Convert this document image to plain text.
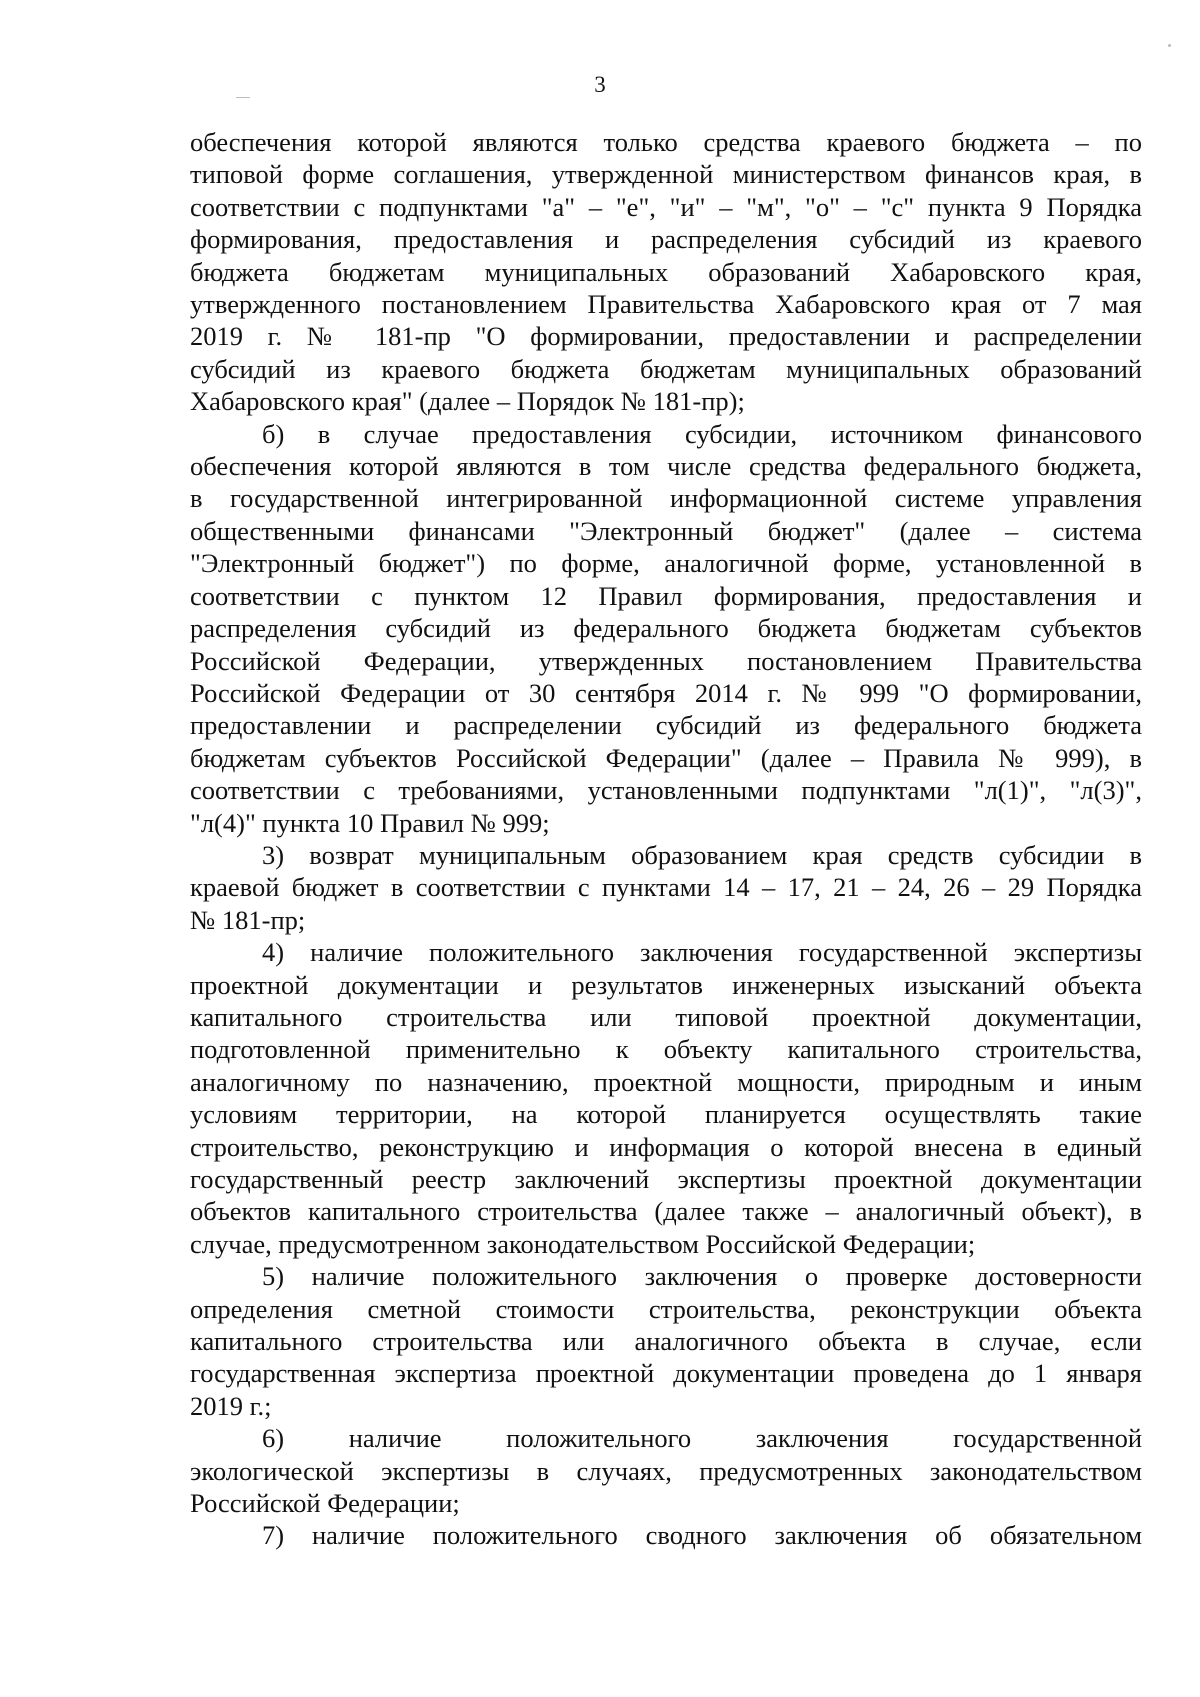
3
обеспечения которой являются только средства краевого бюджета – по
типовой форме соглашения, утвержденной министерством финансов края, в
соответствии с подпунктами "а" – "е", "и" – "м", "о" – "с" пункта 9 Порядка
формирования, предоставления и распределения субсидий из краевого
бюджета бюджетам муниципальных образований Хабаровского края,
утвержденного постановлением Правительства Хабаровского края от 7 мая
2019 г. № 181-пр "О формировании, предоставлении и распределении
субсидий из краевого бюджета бюджетам муниципальных образований
Хабаровского края" (далее – Порядок № 181-пр);
б) в случае предоставления субсидии, источником финансового
обеспечения которой являются в том числе средства федерального бюджета,
в государственной интегрированной информационной системе управления
общественными финансами "Электронный бюджет" (далее – система
"Электронный бюджет") по форме, аналогичной форме, установленной в
соответствии с пунктом 12 Правил формирования, предоставления и
распределения субсидий из федерального бюджета бюджетам субъектов
Российской Федерации, утвержденных постановлением Правительства
Российской Федерации от 30 сентября 2014 г. № 999 "О формировании,
предоставлении и распределении субсидий из федерального бюджета
бюджетам субъектов Российской Федерации" (далее – Правила № 999), в
соответствии с требованиями, установленными подпунктами "л(1)", "л(3)",
"л(4)" пункта 10 Правил № 999;
3) возврат муниципальным образованием края средств субсидии в
краевой бюджет в соответствии с пунктами 14 – 17, 21 – 24, 26 – 29 Порядка
№ 181-пр;
4) наличие положительного заключения государственной экспертизы
проектной документации и результатов инженерных изысканий объекта
капитального строительства или типовой проектной документации,
подготовленной применительно к объекту капитального строительства,
аналогичному по назначению, проектной мощности, природным и иным
условиям территории, на которой планируется осуществлять такие
строительство, реконструкцию и информация о которой внесена в единый
государственный реестр заключений экспертизы проектной документации
объектов капитального строительства (далее также – аналогичный объект), в
случае, предусмотренном законодательством Российской Федерации;
5) наличие положительного заключения о проверке достоверности
определения сметной стоимости строительства, реконструкции объекта
капитального строительства или аналогичного объекта в случае, если
государственная экспертиза проектной документации проведена до 1 января
2019 г.;
6) наличие положительного заключения государственной
экологической экспертизы в случаях, предусмотренных законодательством
Российской Федерации;
7) наличие положительного сводного заключения об обязательном
